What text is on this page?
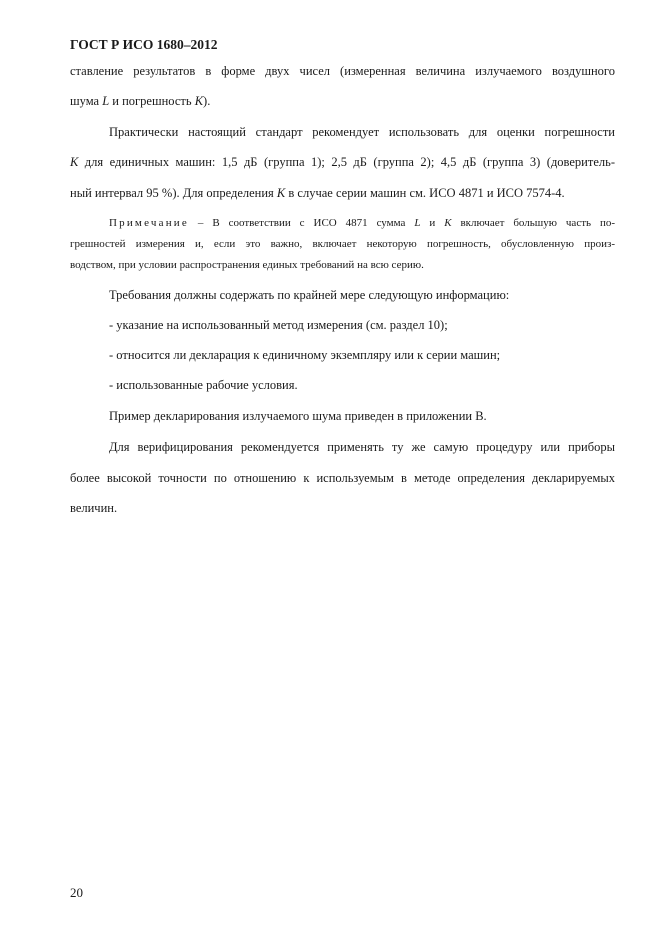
ГОСТ Р ИСО 1680–2012
ставление результатов в форме двух чисел (измеренная величина излучаемого воздушного
шума L и погрешность K).
Практически настоящий стандарт рекомендует использовать для оценки погрешности
K для единичных машин: 1,5 дБ (группа 1); 2,5 дБ (группа 2); 4,5 дБ (группа 3) (доверитель-
ный интервал 95 %). Для определения K в случае серии машин см. ИСО 4871 и ИСО 7574-4.
Примечание – В соответствии с ИСО 4871 сумма L и K включает большую часть по-
грешностей измерения и, если это важно, включает некоторую погрешность, обусловленную произ-
водством, при условии распространения единых требований на всю серию.
Требования должны содержать по крайней мере следующую информацию:
- указание на использованный метод измерения (см. раздел 10);
- относится ли декларация к единичному экземпляру или к серии машин;
- использованные рабочие условия.
Пример декларирования излучаемого шума приведен в приложении В.
Для верифицирования рекомендуется применять ту же самую процедуру или приборы
более высокой точности по отношению к используемым в методе определения декларируемых
величин.
20
